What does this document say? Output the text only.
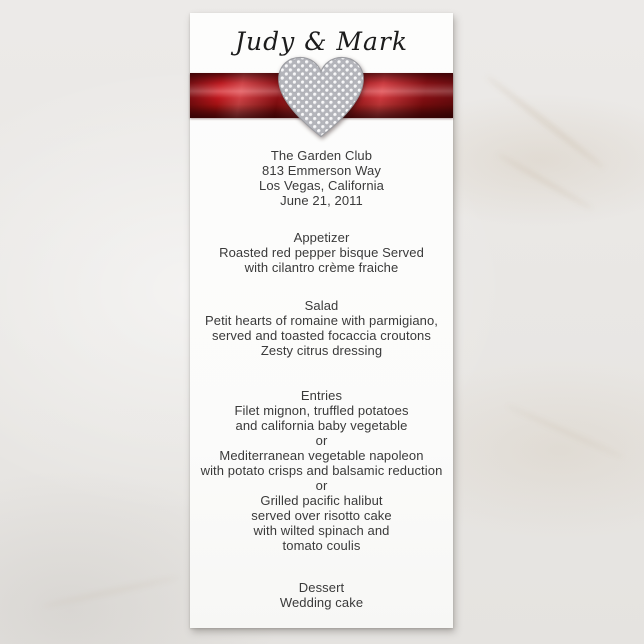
Judy & Mark
The Garden Club
813 Emmerson Way
Los Vegas, California
June 21, 2011
Appetizer
Roasted red pepper bisque Served
with cilantro crème fraiche
Salad
Petit hearts of romaine with parmigiano,
served and toasted focaccia croutons
Zesty citrus dressing
Entries
Filet mignon, truffled potatoes
and california baby vegetable
or
Mediterranean vegetable napoleon
with potato crisps and balsamic reduction
or
Grilled pacific halibut
served over risotto cake
with wilted spinach and
tomato coulis
Dessert
Wedding cake
